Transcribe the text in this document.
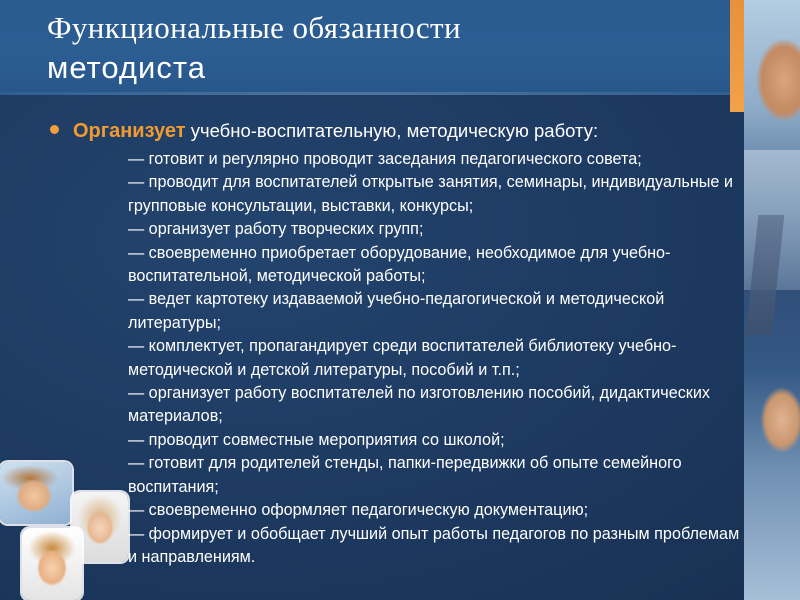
Функциональные обязанности
методиста
Организует учебно-воспитательную, методическую работу:
— готовит и регулярно проводит заседания педагогического совета;
— проводит для воспитателей открытые занятия, семинары, индивидуальные и групповые консультации, выставки, конкурсы;
— организует работу творческих групп;
— своевременно приобретает оборудование, необходимое для учебно-воспитательной, методической работы;
— ведет картотеку издаваемой учебно-педагогической и методической литературы;
— комплектует, пропагандирует среди воспитателей библиотеку учебно-методической и детской литературы, пособий и т.п.;
— организует работу воспитателей по изготовлению пособий, дидактических материалов;
— проводит совместные мероприятия со школой;
— готовит для родителей стенды, папки-передвижки об опыте семейного воспитания;
— своевременно оформляет педагогическую документацию;
— формирует и обобщает лучший опыт работы педагогов по разным проблемам и направлениям.
